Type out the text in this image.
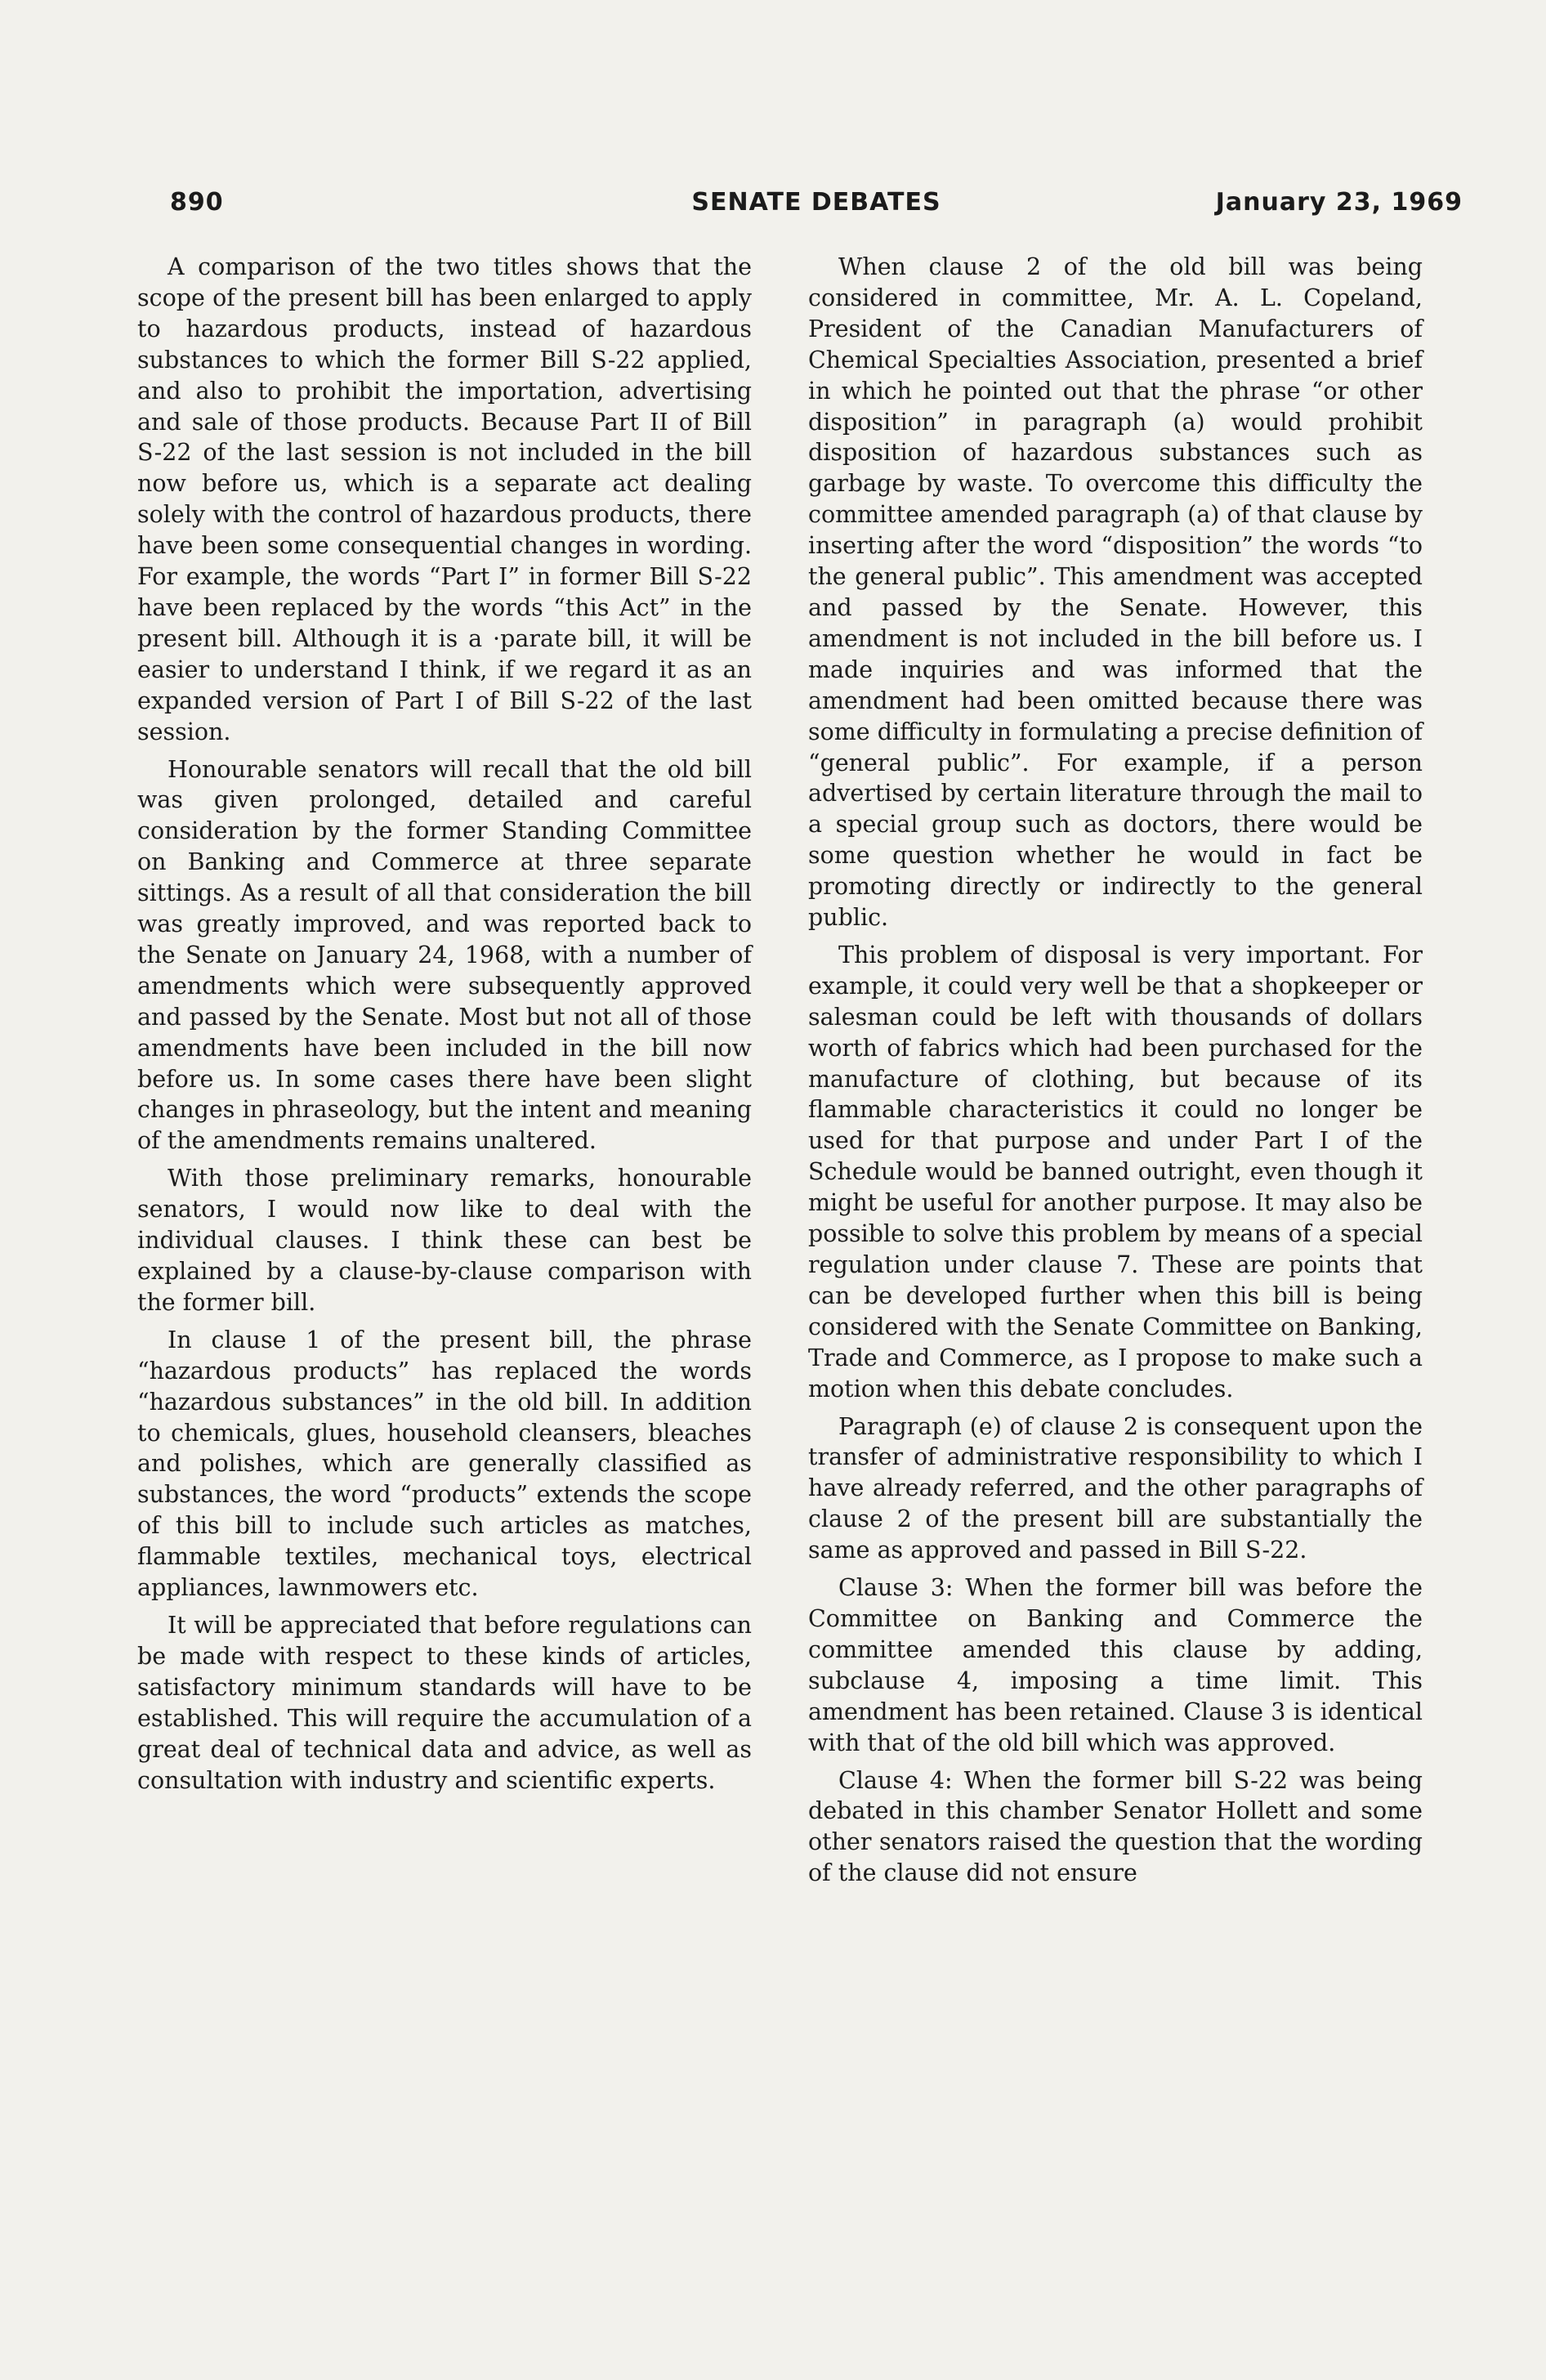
890	SENATE DEBATES	January 23, 1969

A comparison of the two titles shows that the scope of the present bill has been enlarged to apply to hazardous products, instead of hazardous substances to which the former Bill S-22 applied, and also to prohibit the importation, advertising and sale of those products. Because Part II of Bill S-22 of the last session is not included in the bill now before us, which is a separate act dealing solely with the control of hazardous products, there have been some consequential changes in wording. For example, the words “Part I” in former Bill S-22 have been replaced by the words “this Act” in the present bill. Although it is a ·parate bill, it will be easier to understand I think, if we regard it as an expanded version of Part I of Bill S-22 of the last session.

Honourable senators will recall that the old bill was given prolonged, detailed and careful consideration by the former Standing Committee on Banking and Commerce at three separate sittings. As a result of all that consideration the bill was greatly improved, and was reported back to the Senate on January 24, 1968, with a number of amendments which were subsequently approved and passed by the Senate. Most but not all of those amendments have been included in the bill now before us. In some cases there have been slight changes in phraseology, but the intent and meaning of the amendments remains unaltered.

With those preliminary remarks, honourable senators, I would now like to deal with the individual clauses. I think these can best be explained by a clause-by-clause comparison with the former bill.

In clause 1 of the present bill, the phrase “hazardous products” has replaced the words “hazardous substances” in the old bill. In addition to chemicals, glues, household cleansers, bleaches and polishes, which are generally classified as substances, the word “products” extends the scope of this bill to include such articles as matches, flammable textiles, mechanical toys, electrical appliances, lawnmowers etc.

It will be appreciated that before regulations can be made with respect to these kinds of articles, satisfactory minimum standards will have to be established. This will require the accumulation of a great deal of technical data and advice, as well as consultation with industry and scientific experts.

When clause 2 of the old bill was being considered in committee, Mr. A. L. Copeland, President of the Canadian Manufacturers of Chemical Specialties Association, presented a brief in which he pointed out that the phrase “or other disposition” in paragraph (a) would prohibit disposition of hazardous substances such as garbage by waste. To overcome this difficulty the committee amended paragraph (a) of that clause by inserting after the word “disposition” the words “to the general public”. This amendment was accepted and passed by the Senate. However, this amendment is not included in the bill before us. I made inquiries and was informed that the amendment had been omitted because there was some difficulty in formulating a precise definition of “general public”. For example, if a person advertised by certain literature through the mail to a special group such as doctors, there would be some question whether he would in fact be promoting directly or indirectly to the general public.

This problem of disposal is very important. For example, it could very well be that a shopkeeper or salesman could be left with thousands of dollars worth of fabrics which had been purchased for the manufacture of clothing, but because of its flammable characteristics it could no longer be used for that purpose and under Part I of the Schedule would be banned outright, even though it might be useful for another purpose. It may also be possible to solve this problem by means of a special regulation under clause 7. These are points that can be developed further when this bill is being considered with the Senate Committee on Banking, Trade and Commerce, as I propose to make such a motion when this debate concludes.

Paragraph (e) of clause 2 is consequent upon the transfer of administrative responsibility to which I have already referred, and the other paragraphs of clause 2 of the present bill are substantially the same as approved and passed in Bill S-22.

Clause 3: When the former bill was before the Committee on Banking and Commerce the committee amended this clause by adding, subclause 4, imposing a time limit. This amendment has been retained. Clause 3 is identical with that of the old bill which was approved.

Clause 4: When the former bill S-22 was being debated in this chamber Senator Hollett and some other senators raised the question that the wording of the clause did not ensure
